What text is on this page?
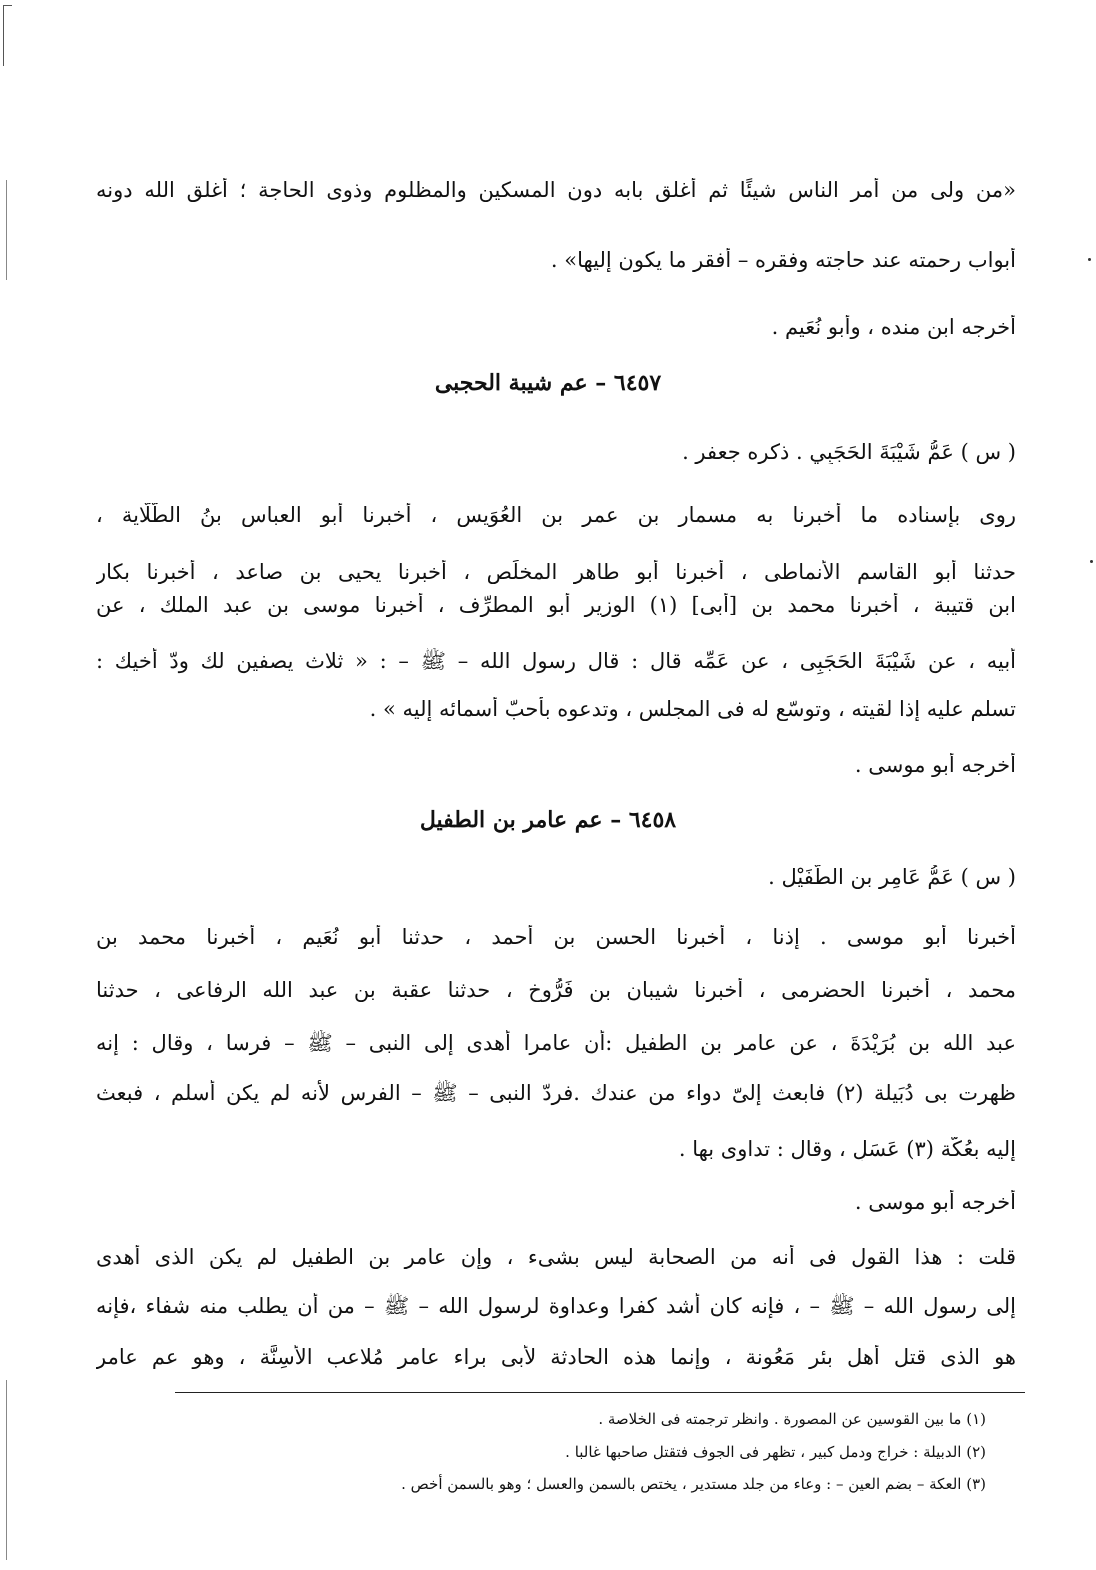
«من ولى من أمر الناس شيئًا ثم أغلق بابه دون المسكين والمظلوم وذوى الحاجة ؛ أغلق الله دونه
أبواب رحمته عند حاجته وفقره – أفقر ما يكون إليها» .
أخرجه ابن منده ، وأبو نُعَيم .
( س ) عَمُّ شَيْبَةَ الحَجَبِي . ذكره جعفر .
روى بإسناده ما أخبرنا به مسمار بن عمر بن العُوَيس ، أخبرنا أبو العباس بنُ الطَّلَّاية ،
حدثنا أبو القاسم الأنماطى ، أخبرنا أبو طاهر المخلِّص ، أخبرنا يحيى بن صاعد ، أخبرنا بكار
ابن قتيبة ، أخبرنا محمد بن [أبى] (١) الوزير أبو المطرِّف ، أخبرنا موسى بن عبد الملك ، عن
أبيه ، عن شَيْبَةَ الحَجَبِى ، عن عَمِّه قال : قال رسول الله – ﷺ – : « ثلاث يصفين لك ودّ أخيك :
تسلم عليه إذا لقيته ، وتوسّع له فى المجلس ، وتدعوه بأحبّ أسمائه إليه » .
أخرجه أبو موسى .
( س ) عَمُّ عَامِر بن الطُّفَيْل .
أخبرنا أبو موسى . إذنا ، أخبرنا الحسن بن أحمد ، حدثنا أبو نُعَيم ، أخبرنا محمد بن
محمد ، أخبرنا الحضرمى ، أخبرنا شيبان بن فَرُّوخ ، حدثنا عقبة بن عبد الله الرفاعى ، حدثنا
عبد الله بن بُرَيْدَةَ ، عن عامر بن الطفيل :أن عامرا أهدى إلى النبى – ﷺ – فرسا ، وقال : إنه
ظهرت بى دُبَيلة (٢) فابعث إلىّ دواء من عندك .فردّ النبى – ﷺ – الفرس لأنه لم يكن أسلم ، فبعث
إليه بعُكَّة (٣) عَسَلٍ ، وقال : تداوى بها .
أخرجه أبو موسى .
قلت : هذا القول فى أنه من الصحابة ليس بشىء ، وإن عامر بن الطفيل لم يكن الذى أهدى
إلى رسول الله – ﷺ – ، فإنه كان أشد كفرا وعداوة لرسول الله – ﷺ – من أن يطلب منه شفاء ،فإنه
هو الذى قتل أهل بئر مَعُونة ، وإنما هذه الحادثة لأبى براء عامر مُلاعب الأَسِنَّة ، وهو عم عامر
٦٤٥٧ – عم شيبة الحجبى
٦٤٥٨ – عم عامر بن الطفيل
(١) ما بين القوسين عن المصورة . وانظر ترجمته فى الخلاصة .
(٢) الدبيلة : خراج ودمل كبير ، تظهر فى الجوف فتقتل صاحبها غالبا .
(٣) العكة – بضم العين – : وعاء من جلد مستدير ، يختص بالسمن والعسل ؛ وهو بالسمن أخص .
